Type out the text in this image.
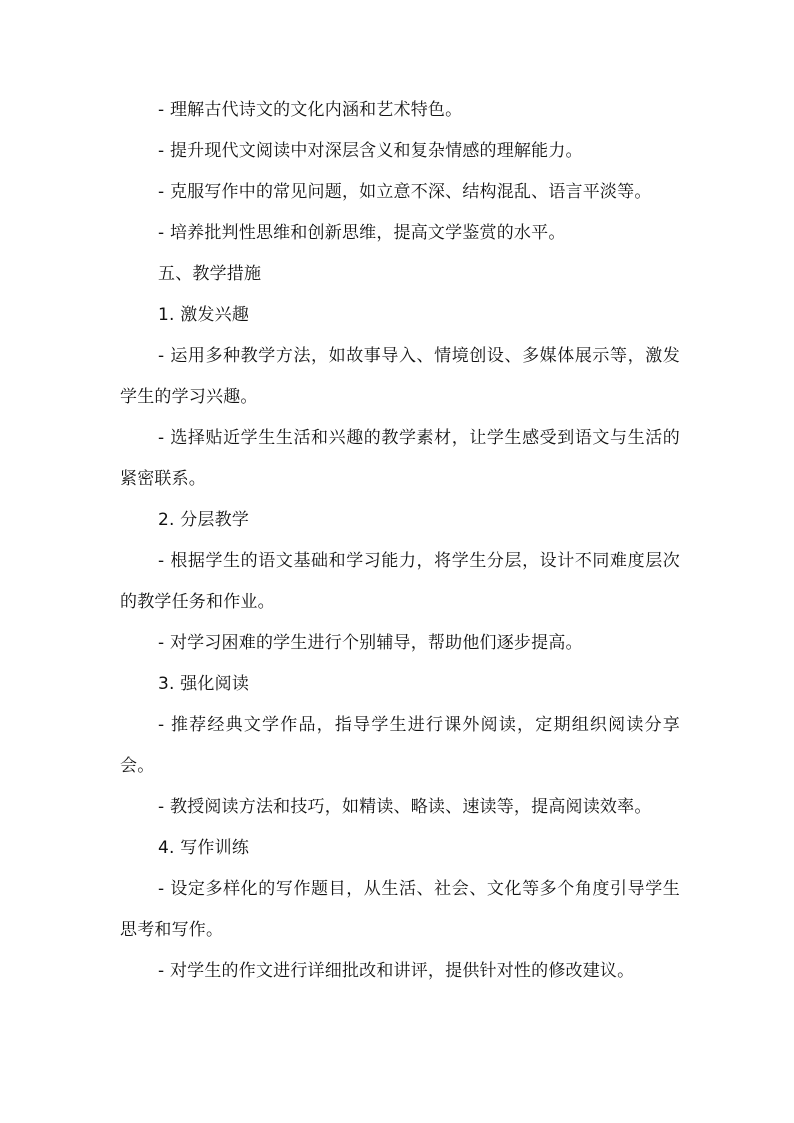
- 理解古代诗文的文化内涵和艺术特色。

- 提升现代文阅读中对深层含义和复杂情感的理解能力。

- 克服写作中的常见问题，如立意不深、结构混乱、语言平淡等。

- 培养批判性思维和创新思维，提高文学鉴赏的水平。

五、教学措施

1. 激发兴趣

- 运用多种教学方法，如故事导入、情境创设、多媒体展示等，激发学生的学习兴趣。

- 选择贴近学生生活和兴趣的教学素材，让学生感受到语文与生活的紧密联系。

2. 分层教学

- 根据学生的语文基础和学习能力，将学生分层，设计不同难度层次的教学任务和作业。

- 对学习困难的学生进行个别辅导，帮助他们逐步提高。

3. 强化阅读

- 推荐经典文学作品，指导学生进行课外阅读，定期组织阅读分享会。

- 教授阅读方法和技巧，如精读、略读、速读等，提高阅读效率。

4. 写作训练

- 设定多样化的写作题目，从生活、社会、文化等多个角度引导学生思考和写作。

- 对学生的作文进行详细批改和讲评，提供针对性的修改建议。
